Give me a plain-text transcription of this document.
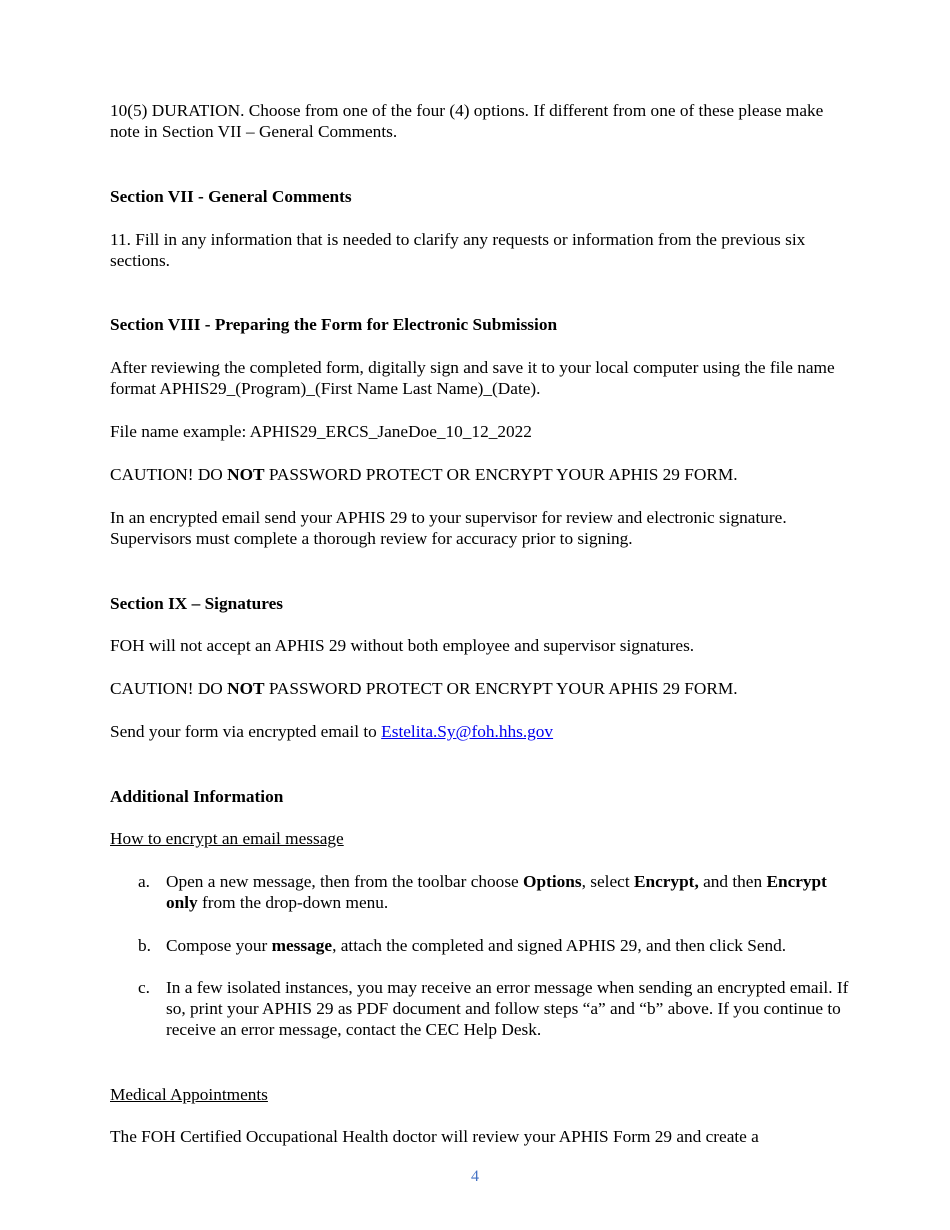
10(5) DURATION. Choose from one of the four (4) options. If different from one of these please make note in Section VII – General Comments.

Section VII - General Comments

11. Fill in any information that is needed to clarify any requests or information from the previous six sections.

Section VIII - Preparing the Form for Electronic Submission

After reviewing the completed form, digitally sign and save it to your local computer using the file name format APHIS29_(Program)_(First Name Last Name)_(Date).

File name example: APHIS29_ERCS_JaneDoe_10_12_2022

CAUTION! DO NOT PASSWORD PROTECT OR ENCRYPT YOUR APHIS 29 FORM.

In an encrypted email send your APHIS 29 to your supervisor for review and electronic signature. Supervisors must complete a thorough review for accuracy prior to signing.

Section IX – Signatures

FOH will not accept an APHIS 29 without both employee and supervisor signatures.

CAUTION! DO NOT PASSWORD PROTECT OR ENCRYPT YOUR APHIS 29 FORM.

Send your form via encrypted email to Estelita.Sy@foh.hhs.gov

Additional Information

How to encrypt an email message

a. Open a new message, then from the toolbar choose Options, select Encrypt, and then Encrypt only from the drop-down menu.
b. Compose your message, attach the completed and signed APHIS 29, and then click Send.
c. In a few isolated instances, you may receive an error message when sending an encrypted email. If so, print your APHIS 29 as PDF document and follow steps “a” and “b” above. If you continue to receive an error message, contact the CEC Help Desk.

Medical Appointments

The FOH Certified Occupational Health doctor will review your APHIS Form 29 and create a

4
